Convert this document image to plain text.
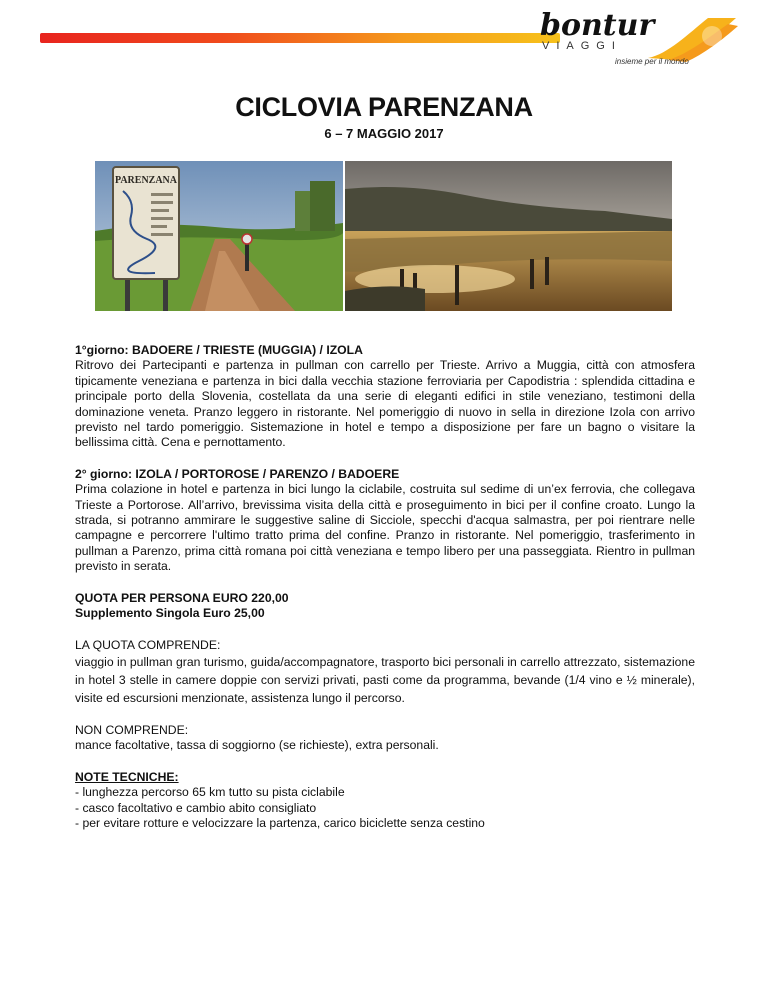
bontur
VIAGGI
insieme per il mondo
CICLOVIA PARENZANA
6 – 7 MAGGIO 2017
PARENZANA

1°giorno: BADOERE / TRIESTE (MUGGIA) / IZOLA

Ritrovo dei Partecipanti e partenza in pullman con carrello per Trieste. Arrivo a Muggia, città con atmosfera tipicamente veneziana e partenza in bici dalla vecchia stazione ferroviaria per Capodistria : splendida cittadina e principale porto della Slovenia, costellata da una serie di eleganti edifici in stile veneziano, testimoni della dominazione veneta. Pranzo leggero in ristorante. Nel pomeriggio di nuovo in sella in direzione Izola con arrivo previsto nel tardo pomeriggio. Sistemazione in hotel e tempo a disposizione per fare un bagno o visitare la bellissima città. Cena e pernottamento.

2° giorno: IZOLA / PORTOROSE / PARENZO / BADOERE

Prima colazione in hotel e partenza in bici lungo la ciclabile, costruita sul sedime di un’ex ferrovia, che collegava Trieste a Portorose. All’arrivo, brevissima visita della città e proseguimento in bici per il confine croato. Lungo la strada, si potranno ammirare le suggestive saline di Sicciole, specchi d'acqua salmastra, per poi rientrare nelle campagne e percorrere l'ultimo tratto prima del confine. Pranzo in ristorante. Nel pomeriggio, trasferimento in pullman a Parenzo, prima città romana poi città veneziana e tempo libero per una passeggiata. Rientro in pullman previsto in serata.

QUOTA PER PERSONA EURO 220,00

Supplemento Singola Euro 25,00

LA QUOTA COMPRENDE:

viaggio in pullman gran turismo, guida/accompagnatore, trasporto bici personali in carrello attrezzato, sistemazione in hotel 3 stelle in camere doppie con servizi privati, pasti come da programma, bevande (1/4 vino e ½ minerale), visite ed escursioni menzionate, assistenza lungo il percorso.

NON COMPRENDE:

mance facoltative, tassa di soggiorno (se richieste), extra personali.

NOTE TECNICHE:

- lunghezza percorso 65 km tutto su pista ciclabile

- casco facoltativo e cambio abito consigliato

- per evitare rotture e velocizzare la partenza, carico biciclette senza cestino
